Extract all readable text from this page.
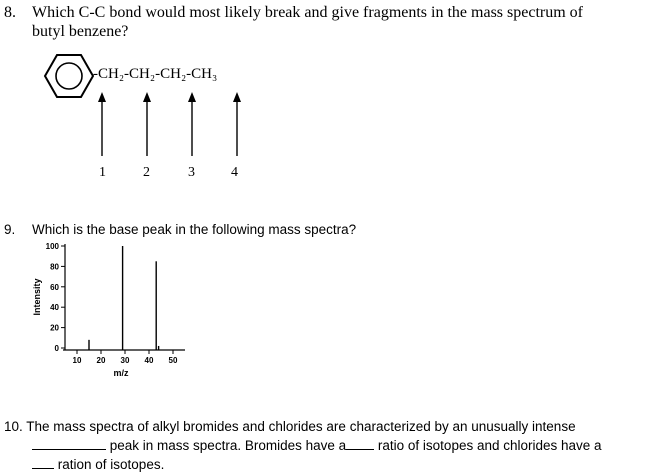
8. Which C-C bond would most likely break and give fragments in the mass spectrum of
butyl benzene?
-CH₂-CH₂-CH₂-CH₃
1	2	3	4
9. Which is the base peak in the following mass spectra?
0
20
40
60
80
100
10 20 30 40 50
m/z
Intensity
10. The mass spectra of alkyl bromides and chlorides are characterized by an unusually intense
peak in mass spectra. Bromides have a ratio of isotopes and chlorides have a
ration of isotopes.
